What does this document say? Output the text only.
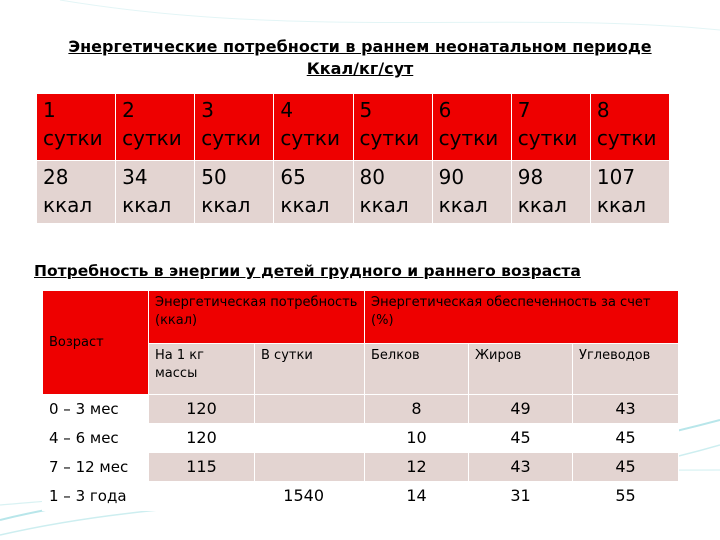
Энергетические потребности в раннем неонатальном периоде
Ккал/кг/сут
1 сутки	2 сутки	3 сутки	4 сутки	5 сутки	6 сутки	7 сутки	8 сутки
28 ккал	34 ккал	50 ккал	65 ккал	80 ккал	90 ккал	98 ккал	107 ккал
Потребность в энергии у детей грудного и раннего возраста
Возраст	Энергетическая потребность (ккал)		Энергетическая обеспеченность за счет (%)		
	На 1 кг массы	В сутки	Белков	Жиров	Углеводов
0 – 3 мес	120		8	49	43
4 – 6 мес	120		10	45	45
7 – 12 мес	115		12	43	45
1 – 3 года		1540	14	31	55
